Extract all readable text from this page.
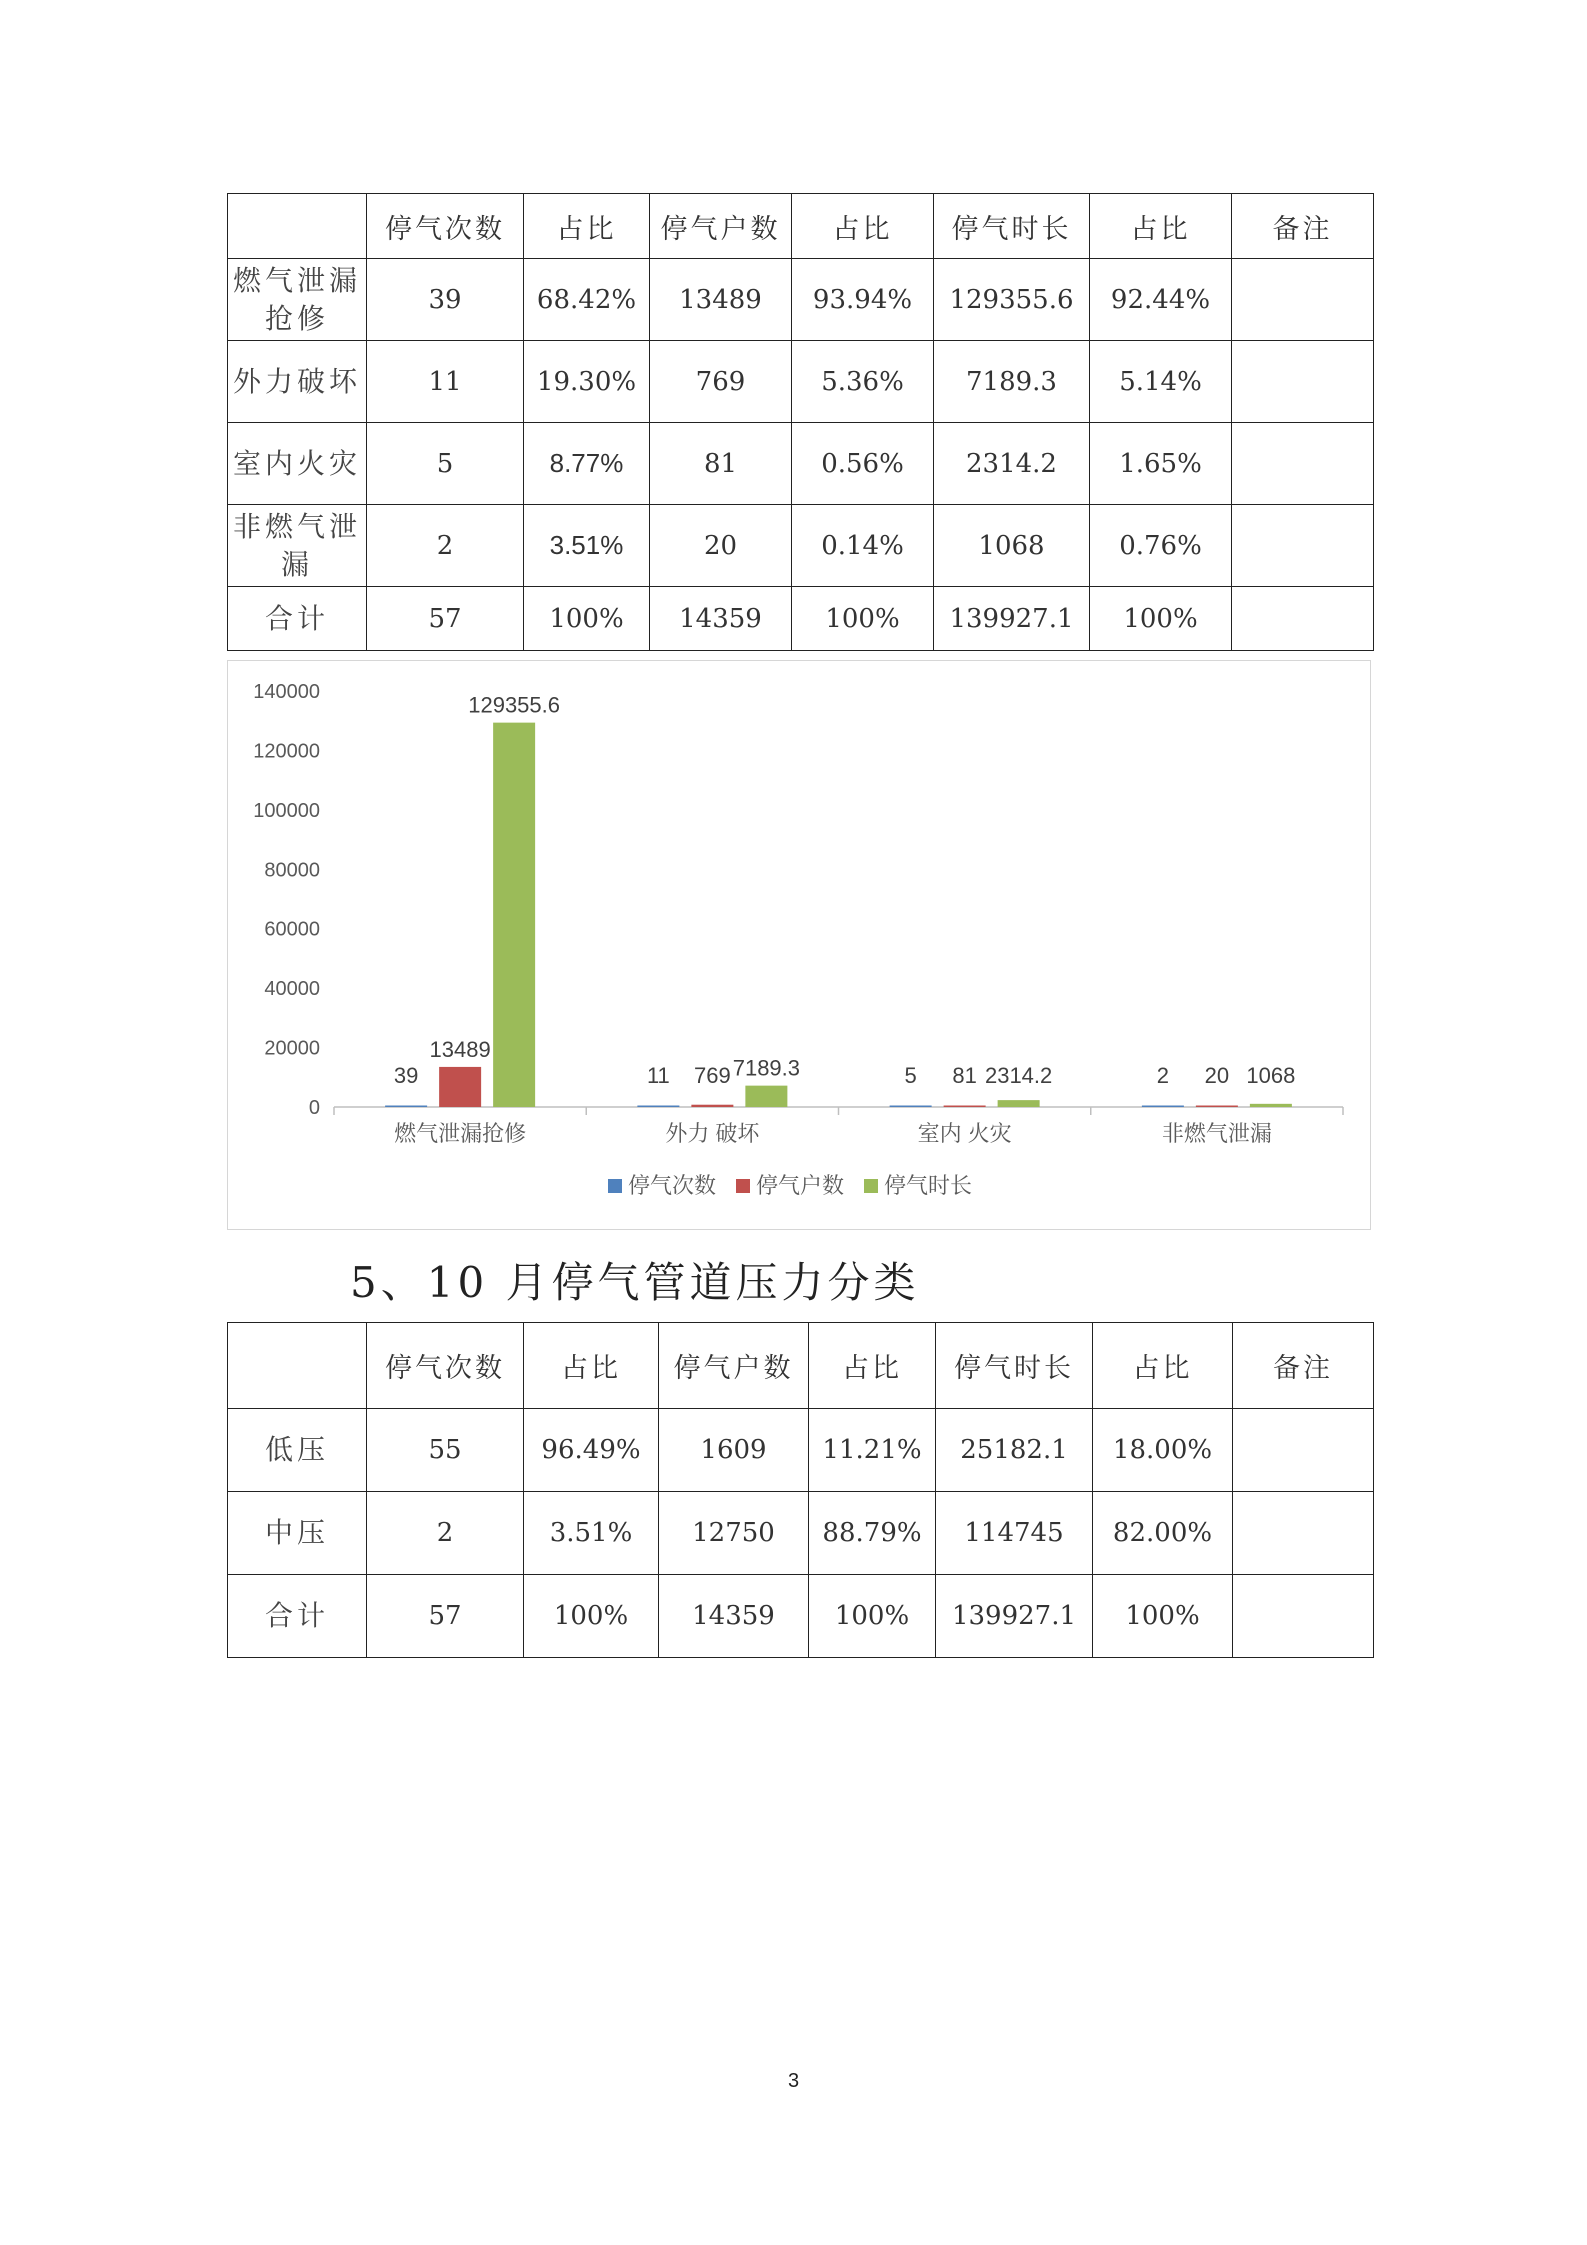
	停气次数	占比	停气户数	占比	停气时长	占比	备注
燃气泄漏抢修	39	68.42%	13489	93.94%	129355.6	92.44%	
外力破坏	11	19.30%	769	5.36%	7189.3	5.14%	
室内火灾	5	8.77%	81	0.56%	2314.2	1.65%	
非燃气泄漏	2	3.51%	20	0.14%	1068	0.76%	
合计	57	100%	14359	100%	139927.1	100%	
0
20000
40000
60000
80000
100000
120000
140000
39
13489
129355.6
燃气泄漏抢修
11 769 7189.3
外力 破坏
5 81 2314.2
室内 火灾
2 20 1068
非燃气泄漏
停气次数 停气户数 停气时长
5、10 月停气管道压力分类
	停气次数	占比	停气户数	占比	停气时长	占比	备注
低压	55	96.49%	1609	11.21%	25182.1	18.00%	
中压	2	3.51%	12750	88.79%	114745	82.00%	
合计	57	100%	14359	100%	139927.1	100%	
3
